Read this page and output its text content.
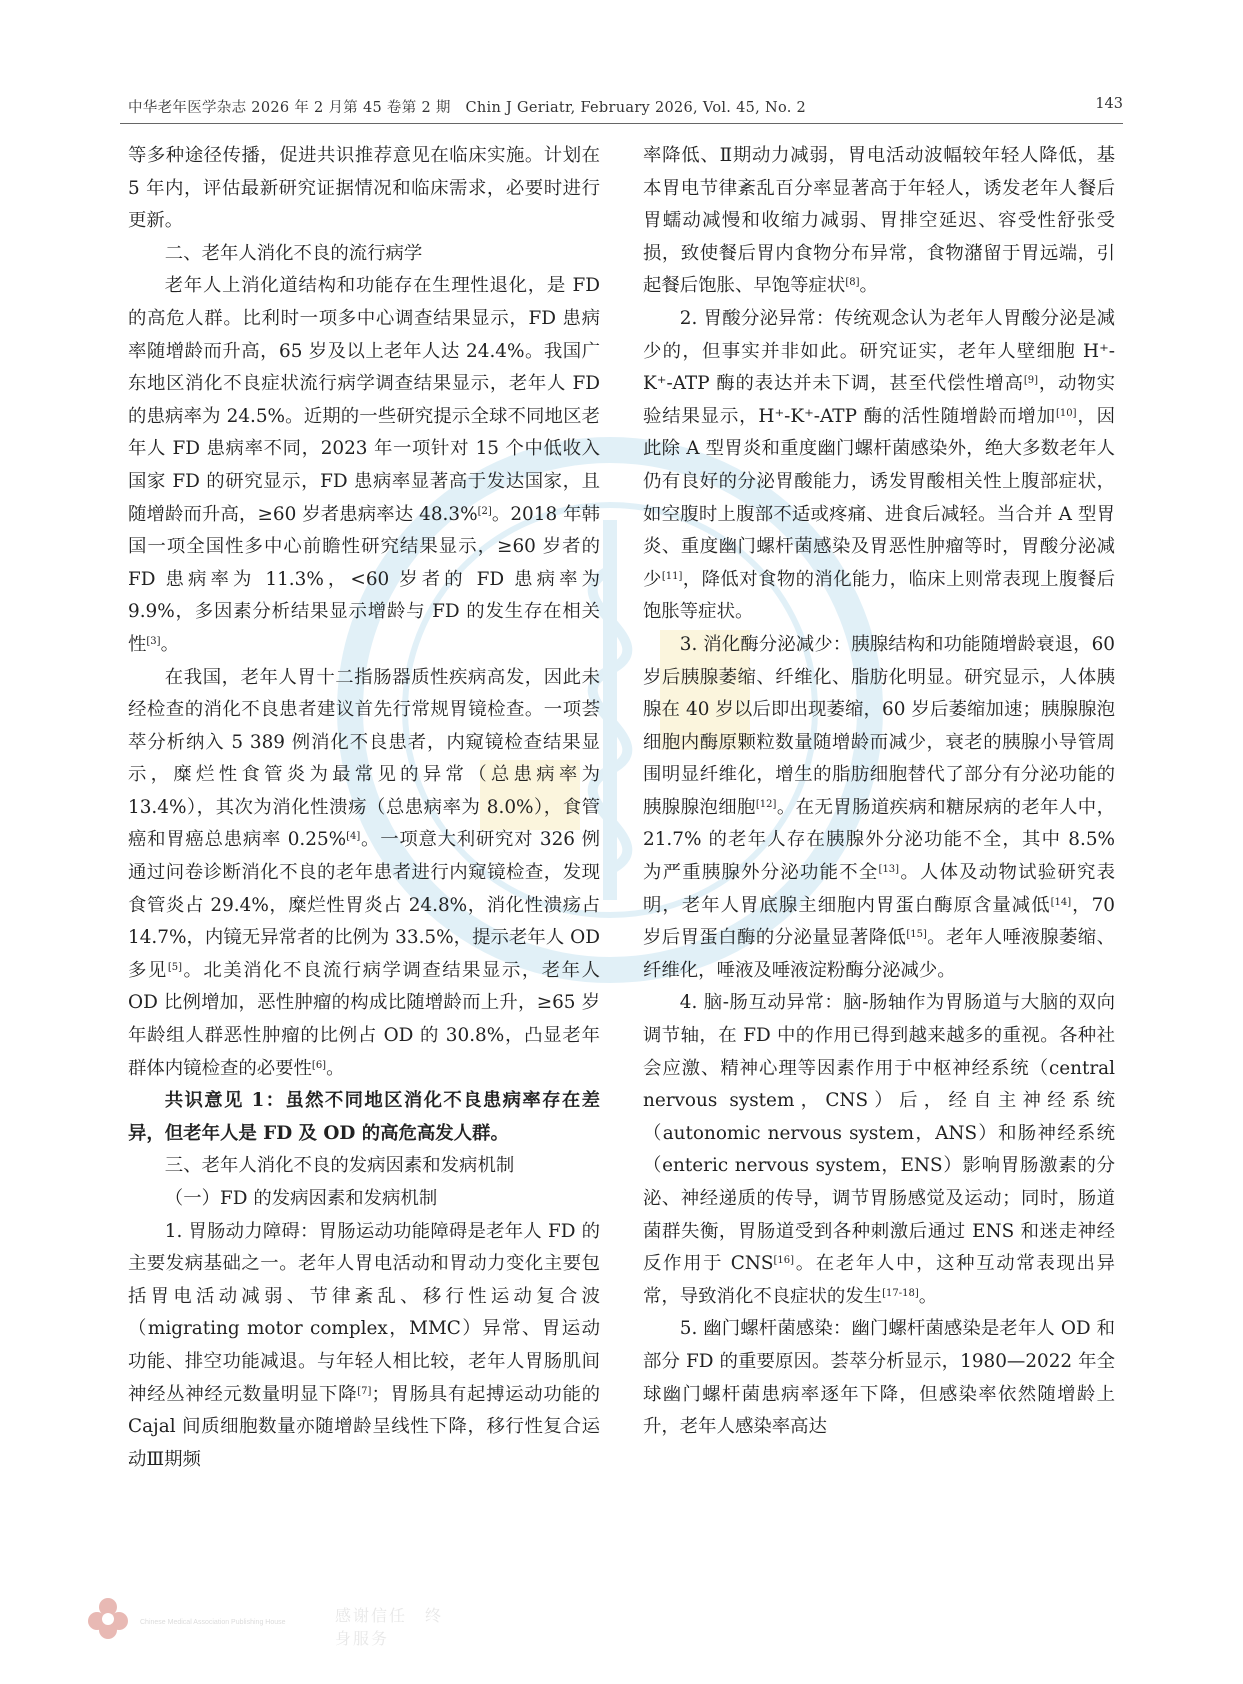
中华老年医学杂志 2026 年 2 月第 45 卷第 2 期　Chin J Geriatr, February 2026, Vol. 45, No. 2	143

等多种途径传播，促进共识推荐意见在临床实施。计划在 5 年内，评估最新研究证据情况和临床需求，必要时进行更新。

二、老年人消化不良的流行病学

老年人上消化道结构和功能存在生理性退化，是 FD 的高危人群。比利时一项多中心调查结果显示，FD 患病率随增龄而升高，65 岁及以上老年人达 24.4%。我国广东地区消化不良症状流行病学调查结果显示，老年人 FD 的患病率为 24.5%。近期的一些研究提示全球不同地区老年人 FD 患病率不同，2023 年一项针对 15 个中低收入国家 FD 的研究显示，FD 患病率显著高于发达国家，且随增龄而升高，≥60 岁者患病率达 48.3%[2]。2018 年韩国一项全国性多中心前瞻性研究结果显示，≥60 岁者的 FD 患病率为 11.3%，<60 岁者的 FD 患病率为 9.9%，多因素分析结果显示增龄与 FD 的发生存在相关性[3]。

在我国，老年人胃十二指肠器质性疾病高发，因此未经检查的消化不良患者建议首先行常规胃镜检查。一项荟萃分析纳入 5 389 例消化不良患者，内窥镜检查结果显示，糜烂性食管炎为最常见的异常（总患病率为 13.4%），其次为消化性溃疡（总患病率为 8.0%），食管癌和胃癌总患病率 0.25%[4]。一项意大利研究对 326 例通过问卷诊断消化不良的老年患者进行内窥镜检查，发现食管炎占 29.4%，糜烂性胃炎占 24.8%，消化性溃疡占 14.7%，内镜无异常者的比例为 33.5%，提示老年人 OD 多见[5]。北美消化不良流行病学调查结果显示，老年人 OD 比例增加，恶性肿瘤的构成比随增龄而上升，≥65 岁年龄组人群恶性肿瘤的比例占 OD 的 30.8%，凸显老年群体内镜检查的必要性[6]。

共识意见 1：虽然不同地区消化不良患病率存在差异，但老年人是 FD 及 OD 的高危高发人群。

三、老年人消化不良的发病因素和发病机制

（一）FD 的发病因素和发病机制

1. 胃肠动力障碍：胃肠运动功能障碍是老年人 FD 的主要发病基础之一。老年人胃电活动和胃动力变化主要包括胃电活动减弱、节律紊乱、移行性运动复合波（migrating motor complex，MMC）异常、胃运动功能、排空功能减退。与年轻人相比较，老年人胃肠肌间神经丛神经元数量明显下降[7]；胃肠具有起搏运动功能的 Cajal 间质细胞数量亦随增龄呈线性下降，移行性复合运动Ⅲ期频

率降低、Ⅱ期动力减弱，胃电活动波幅较年轻人降低，基本胃电节律紊乱百分率显著高于年轻人，诱发老年人餐后胃蠕动减慢和收缩力减弱、胃排空延迟、容受性舒张受损，致使餐后胃内食物分布异常，食物潴留于胃远端，引起餐后饱胀、早饱等症状[8]。

2. 胃酸分泌异常：传统观念认为老年人胃酸分泌是减少的，但事实并非如此。研究证实，老年人壁细胞 H⁺-K⁺-ATP 酶的表达并未下调，甚至代偿性增高[9]，动物实验结果显示，H⁺-K⁺-ATP 酶的活性随增龄而增加[10]，因此除 A 型胃炎和重度幽门螺杆菌感染外，绝大多数老年人仍有良好的分泌胃酸能力，诱发胃酸相关性上腹部症状，如空腹时上腹部不适或疼痛、进食后减轻。当合并 A 型胃炎、重度幽门螺杆菌感染及胃恶性肿瘤等时，胃酸分泌减少[11]，降低对食物的消化能力，临床上则常表现上腹餐后饱胀等症状。

3. 消化酶分泌减少：胰腺结构和功能随增龄衰退，60 岁后胰腺萎缩、纤维化、脂肪化明显。研究显示，人体胰腺在 40 岁以后即出现萎缩，60 岁后萎缩加速；胰腺腺泡细胞内酶原颗粒数量随增龄而减少，衰老的胰腺小导管周围明显纤维化，增生的脂肪细胞替代了部分有分泌功能的胰腺腺泡细胞[12]。在无胃肠道疾病和糖尿病的老年人中，21.7% 的老年人存在胰腺外分泌功能不全，其中 8.5% 为严重胰腺外分泌功能不全[13]。人体及动物试验研究表明，老年人胃底腺主细胞内胃蛋白酶原含量减低[14]，70 岁后胃蛋白酶的分泌量显著降低[15]。老年人唾液腺萎缩、纤维化，唾液及唾液淀粉酶分泌减少。

4. 脑-肠互动异常：脑-肠轴作为胃肠道与大脑的双向调节轴，在 FD 中的作用已得到越来越多的重视。各种社会应激、精神心理等因素作用于中枢神经系统（central nervous system，CNS）后，经自主神经系统（autonomic nervous system，ANS）和肠神经系统（enteric nervous system，ENS）影响胃肠激素的分泌、神经递质的传导，调节胃肠感觉及运动；同时，肠道菌群失衡，胃肠道受到各种刺激后通过 ENS 和迷走神经反作用于 CNS[16]。在老年人中，这种互动常表现出异常，导致消化不良症状的发生[17-18]。

5. 幽门螺杆菌感染：幽门螺杆菌感染是老年人 OD 和部分 FD 的重要原因。荟萃分析显示，1980—2022 年全球幽门螺杆菌患病率逐年下降，但感染率依然随增龄上升，老年人感染率高达

Chinese Medical Association Publishing House	感谢信任　终身服务
